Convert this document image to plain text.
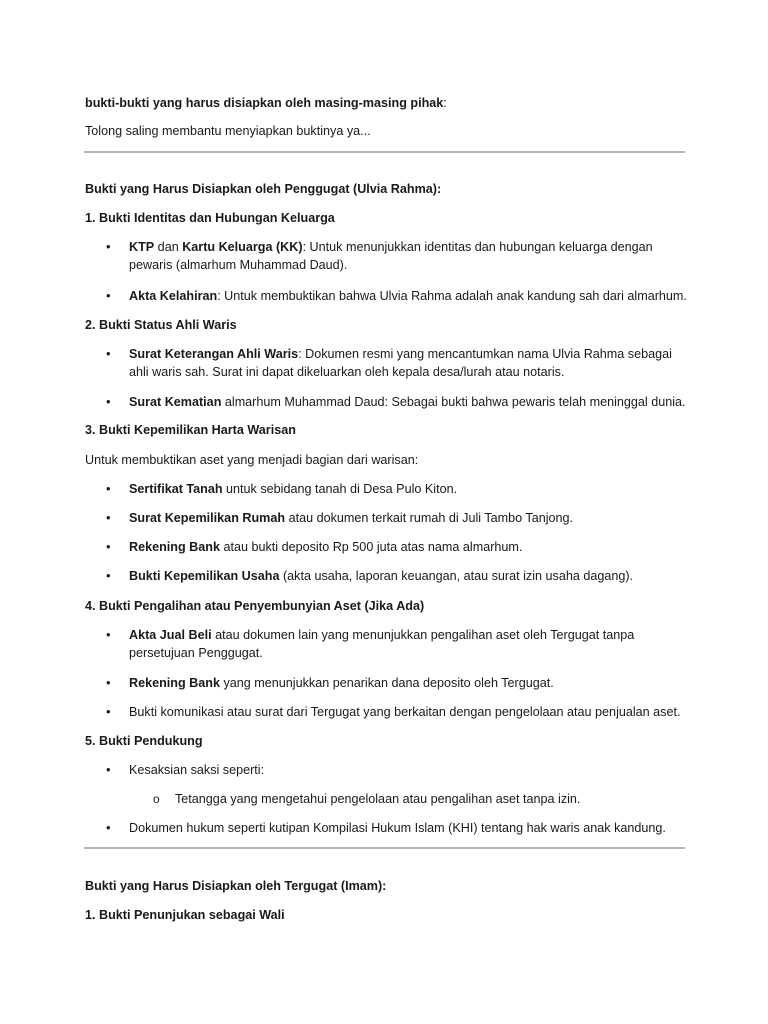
bukti-bukti yang harus disiapkan oleh masing-masing pihak:

Tolong saling membantu menyiapkan buktinya ya...

Bukti yang Harus Disiapkan oleh Penggugat (Ulvia Rahma):

1. Bukti Identitas dan Hubungan Keluarga

•	KTP dan Kartu Keluarga (KK): Untuk menunjukkan identitas dan hubungan keluarga dengan pewaris (almarhum Muhammad Daud).

•	Akta Kelahiran: Untuk membuktikan bahwa Ulvia Rahma adalah anak kandung sah dari almarhum.

2. Bukti Status Ahli Waris

•	Surat Keterangan Ahli Waris: Dokumen resmi yang mencantumkan nama Ulvia Rahma sebagai ahli waris sah. Surat ini dapat dikeluarkan oleh kepala desa/lurah atau notaris.

•	Surat Kematian almarhum Muhammad Daud: Sebagai bukti bahwa pewaris telah meninggal dunia.

3. Bukti Kepemilikan Harta Warisan

Untuk membuktikan aset yang menjadi bagian dari warisan:

•	Sertifikat Tanah untuk sebidang tanah di Desa Pulo Kiton.

•	Surat Kepemilikan Rumah atau dokumen terkait rumah di Juli Tambo Tanjong.

•	Rekening Bank atau bukti deposito Rp 500 juta atas nama almarhum.

•	Bukti Kepemilikan Usaha (akta usaha, laporan keuangan, atau surat izin usaha dagang).

4. Bukti Pengalihan atau Penyembunyian Aset (Jika Ada)

•	Akta Jual Beli atau dokumen lain yang menunjukkan pengalihan aset oleh Tergugat tanpa persetujuan Penggugat.

•	Rekening Bank yang menunjukkan penarikan dana deposito oleh Tergugat.

•	Bukti komunikasi atau surat dari Tergugat yang berkaitan dengan pengelolaan atau penjualan aset.

5. Bukti Pendukung

•	Kesaksian saksi seperti:

o Tetangga yang mengetahui pengelolaan atau pengalihan aset tanpa izin.

•	Dokumen hukum seperti kutipan Kompilasi Hukum Islam (KHI) tentang hak waris anak kandung.

Bukti yang Harus Disiapkan oleh Tergugat (Imam):

1. Bukti Penunjukan sebagai Wali
